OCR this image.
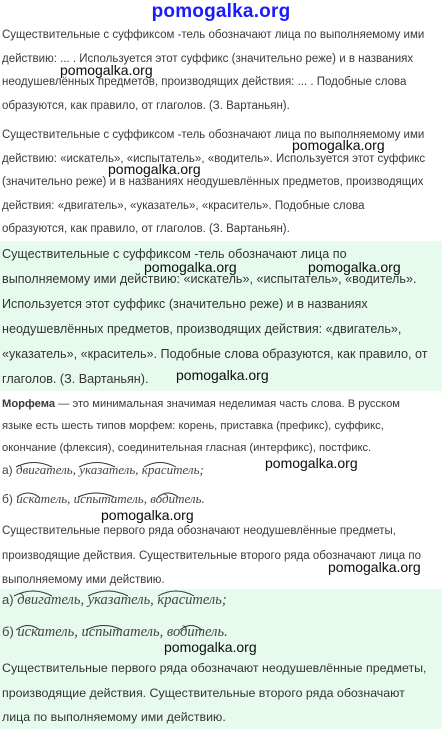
pomogalka.org
Существительные с суффиксом -тель обозначают лица по выполняемому ими
действию: ... . Используется этот суффикс (значительно реже) и в названиях
неодушевлённых предметов, производящих действия: ... . Подобные слова
образуются, как правило, от глаголов. (З. Вартаньян).
Существительные с суффиксом -тель обозначают лица по выполняемому ими
действию: «искатель», «испытатель», «водитель». Используется этот суффикс
(значительно реже) и в названиях неодушевлённых предметов, производящих
действия: «двигатель», «указатель», «краситель». Подобные слова
образуются, как правило, от глаголов. (З. Вартаньян).
Существительные с суффиксом -тель обозначают лица по
выполняемому ими действию: «искатель», «испытатель», «водитель».
Используется этот суффикс (значительно реже) и в названиях
неодушевлённых предметов, производящих действия: «двигатель»,
«указатель», «краситель». Подобные слова образуются, как правило, от
глаголов. (З. Вартаньян).
Морфема — это минимальная значимая неделимая часть слова. В русском
языке есть шесть типов морфем: корень, приставка (префикс), суффикс,
окончание (флексия), соединительная гласная (интерфикс), постфикс.
а) двигатель, указатель, краситель;
б) искатель, испытатель, водитель.
Существительные первого ряда обозначают неодушевлённые предметы,
производящие действия. Существительные второго ряда обозначают лица по
выполняемому ими действию.
а) двигатель, указатель, краситель;
б) искатель, испытатель, водитель.
Существительные первого ряда обозначают неодушевлённые предметы,
производящие действия. Существительные второго ряда обозначают
лица по выполняемому ими действию.
pomogalka.org
pomogalka.org
pomogalka.org
pomogalka.org	pomogalka.org
pomogalka.org
pomogalka.org
pomogalka.org
pomogalka.org
pomogalka.org
